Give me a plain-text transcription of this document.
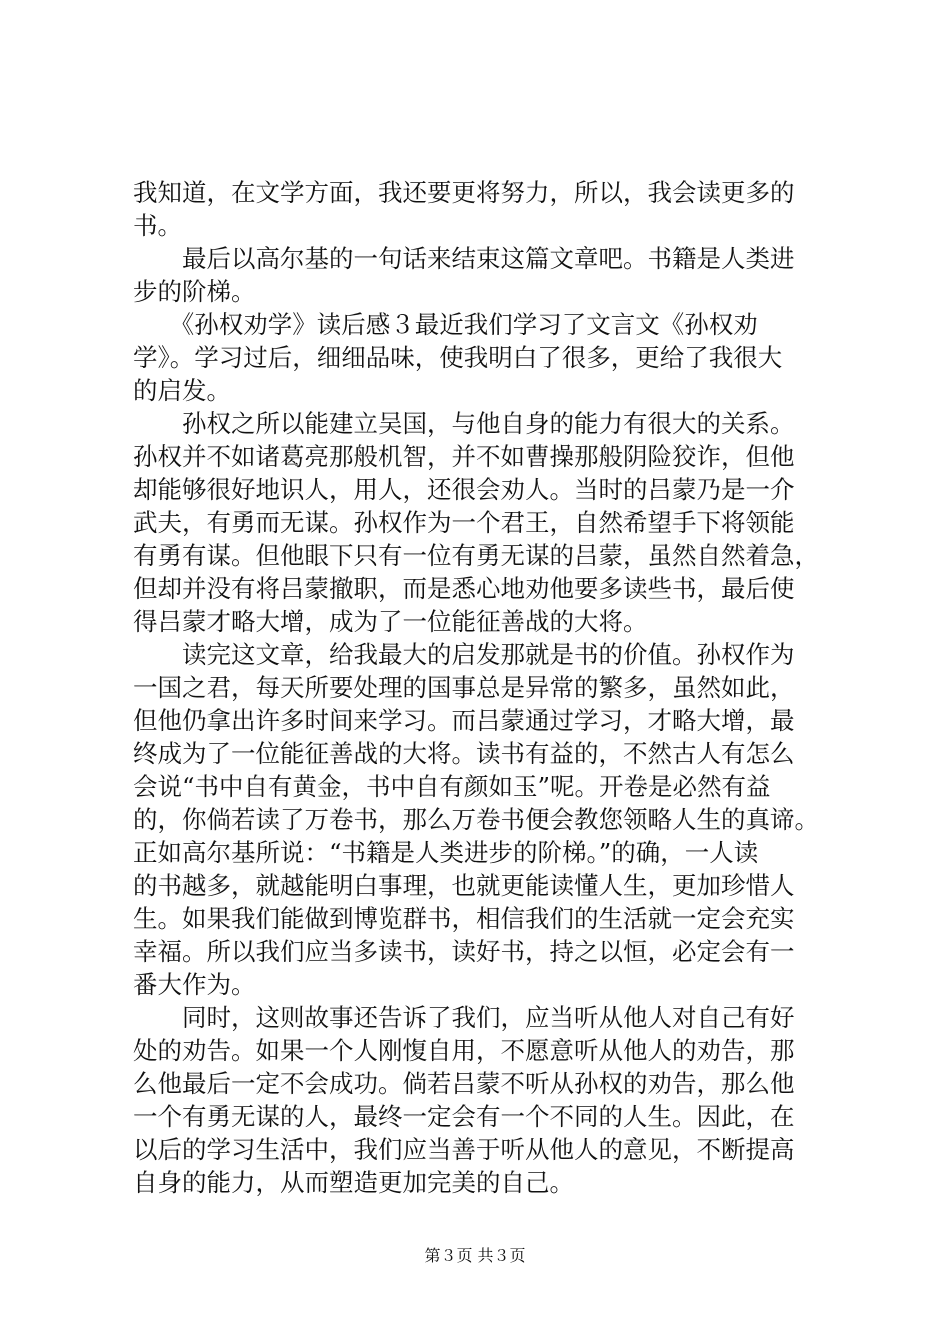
我知道，在文学方面，我还要更将努力，所以，我会读更多的
书。
　　最后以高尔基的一句话来结束这篇文章吧。书籍是人类进
步的阶梯。
　　《孙权劝学》读后感３最近我们学习了文言文《孙权劝
学》。学习过后，细细品味，使我明白了很多，更给了我很大
的启发。
　　孙权之所以能建立吴国，与他自身的能力有很大的关系。
孙权并不如诸葛亮那般机智，并不如曹操那般阴险狡诈，但他
却能够很好地识人，用人，还很会劝人。当时的吕蒙乃是一介
武夫，有勇而无谋。孙权作为一个君王，自然希望手下将领能
有勇有谋。但他眼下只有一位有勇无谋的吕蒙，虽然自然着急，
但却并没有将吕蒙撤职，而是悉心地劝他要多读些书，最后使
得吕蒙才略大增，成为了一位能征善战的大将。
　　读完这文章，给我最大的启发那就是书的价值。孙权作为
一国之君，每天所要处理的国事总是异常的繁多，虽然如此，
但他仍拿出许多时间来学习。而吕蒙通过学习，才略大增，最
终成为了一位能征善战的大将。读书有益的，不然古人有怎么
会说“书中自有黄金，书中自有颜如玉”呢。开卷是必然有益
的，你倘若读了万卷书，那么万卷书便会教您领略人生的真谛。
正如高尔基所说：“书籍是人类进步的阶梯。”的确，一人读
的书越多，就越能明白事理，也就更能读懂人生，更加珍惜人
生。如果我们能做到博览群书，相信我们的生活就一定会充实
幸福。所以我们应当多读书，读好书，持之以恒，必定会有一
番大作为。
　　同时，这则故事还告诉了我们，应当听从他人对自己有好
处的劝告。如果一个人刚愎自用，不愿意听从他人的劝告，那
么他最后一定不会成功。倘若吕蒙不听从孙权的劝告，那么他
一个有勇无谋的人，最终一定会有一个不同的人生。因此，在
以后的学习生活中，我们应当善于听从他人的意见，不断提高
自身的能力，从而塑造更加完美的自己。
第３页 共３页
